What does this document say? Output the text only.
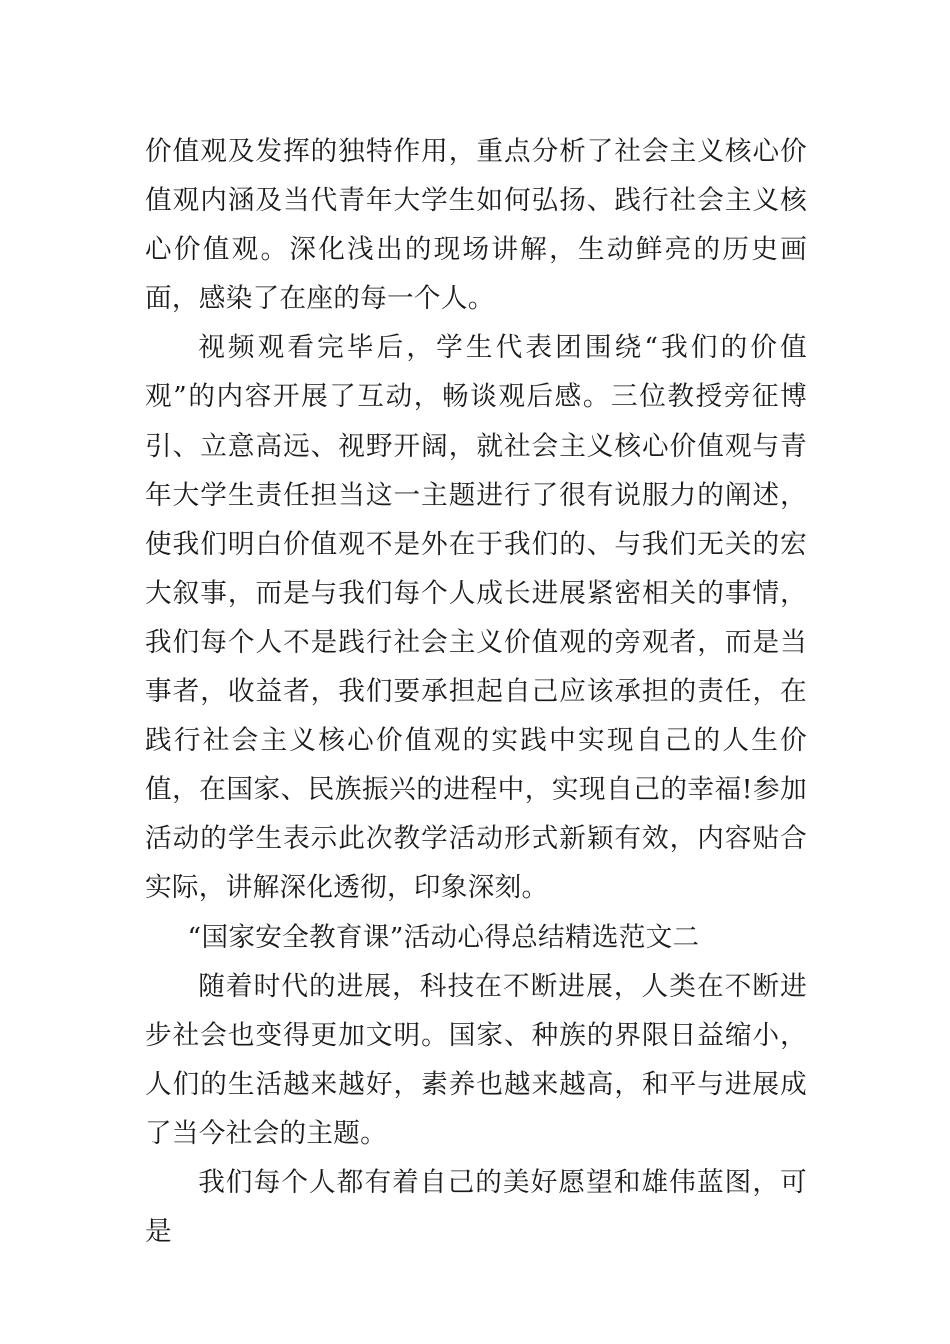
价值观及发挥的独特作用，重点分析了社会主义核心价值观内涵及当代青年大学生如何弘扬、践行社会主义核心价值观。深化浅出的现场讲解，生动鲜亮的历史画面，感染了在座的每一个人。

视频观看完毕后，学生代表团围绕“我们的价值观”的内容开展了互动，畅谈观后感。三位教授旁征博引、立意高远、视野开阔，就社会主义核心价值观与青年大学生责任担当这一主题进行了很有说服力的阐述，使我们明白价值观不是外在于我们的、与我们无关的宏大叙事，而是与我们每个人成长进展紧密相关的事情，我们每个人不是践行社会主义价值观的旁观者，而是当事者，收益者，我们要承担起自己应该承担的责任，在践行社会主义核心价值观的实践中实现自己的人生价值，在国家、民族振兴的进程中，实现自己的幸福!参加活动的学生表示此次教学活动形式新颖有效，内容贴合实际，讲解深化透彻，印象深刻。

“国家安全教育课”活动心得总结精选范文二

随着时代的进展，科技在不断进展，人类在不断进步社会也变得更加文明。国家、种族的界限日益缩小，人们的生活越来越好，素养也越来越高，和平与进展成了当今社会的主题。

我们每个人都有着自己的美好愿望和雄伟蓝图，可是
